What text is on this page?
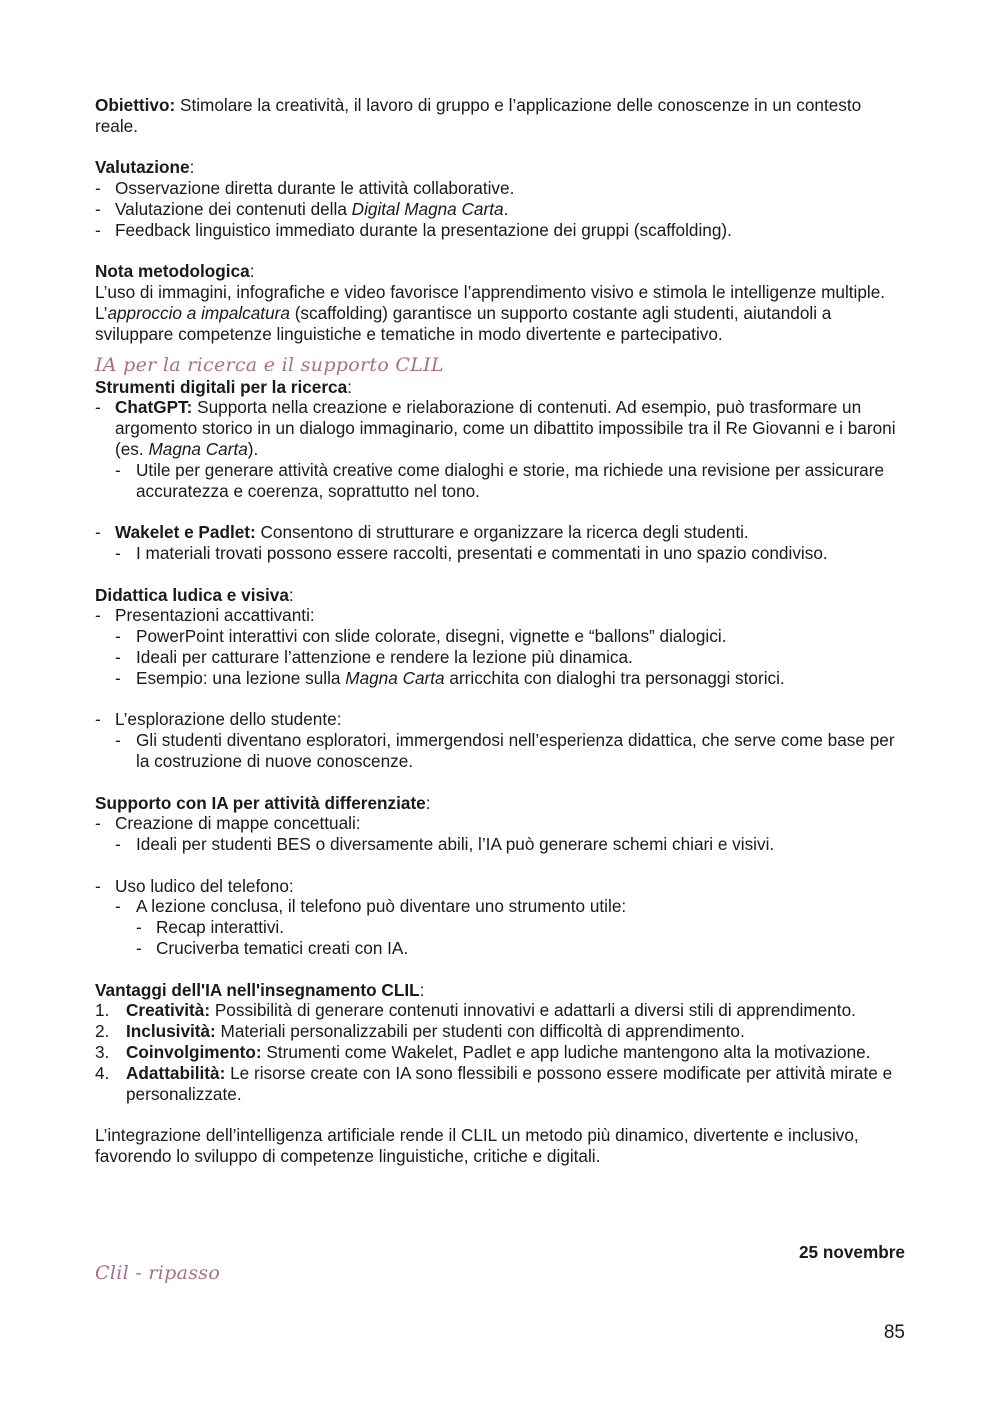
Obiettivo: Stimolare la creatività, il lavoro di gruppo e l’applicazione delle conoscenze in un contesto reale.

Valutazione:

- Osservazione diretta durante le attività collaborative.
- Valutazione dei contenuti della Digital Magna Carta.
- Feedback linguistico immediato durante la presentazione dei gruppi (scaffolding).

Nota metodologica:

L’uso di immagini, infografiche e video favorisce l’apprendimento visivo e stimola le intelligenze multiple. L’approccio a impalcatura (scaffolding) garantisce un supporto costante agli studenti, aiutandoli a sviluppare competenze linguistiche e tematiche in modo divertente e partecipativo.

IA per la ricerca e il supporto CLIL

Strumenti digitali per la ricerca:

- ChatGPT: Supporta nella creazione e rielaborazione di contenuti. Ad esempio, può trasformare un argomento storico in un dialogo immaginario, come un dibattito impossibile tra il Re Giovanni e i baroni (es. Magna Carta).
- Utile per generare attività creative come dialoghi e storie, ma richiede una revisione per assicurare accuratezza e coerenza, soprattutto nel tono.
- Wakelet e Padlet: Consentono di strutturare e organizzare la ricerca degli studenti.
- I materiali trovati possono essere raccolti, presentati e commentati in uno spazio condiviso.

Didattica ludica e visiva:

- Presentazioni accattivanti:
- PowerPoint interattivi con slide colorate, disegni, vignette e “ballons” dialogici.
- Ideali per catturare l’attenzione e rendere la lezione più dinamica.
- Esempio: una lezione sulla Magna Carta arricchita con dialoghi tra personaggi storici.
- L’esplorazione dello studente:
- Gli studenti diventano esploratori, immergendosi nell’esperienza didattica, che serve come base per la costruzione di nuove conoscenze.

Supporto con IA per attività differenziate:

- Creazione di mappe concettuali:
- Ideali per studenti BES o diversamente abili, l’IA può generare schemi chiari e visivi.
- Uso ludico del telefono:
- A lezione conclusa, il telefono può diventare uno strumento utile:
- Recap interattivi.
- Cruciverba tematici creati con IA.

Vantaggi dell'IA nell'insegnamento CLIL:

1. Creatività: Possibilità di generare contenuti innovativi e adattarli a diversi stili di apprendimento.
2. Inclusività: Materiali personalizzabili per studenti con difficoltà di apprendimento.
3. Coinvolgimento: Strumenti come Wakelet, Padlet e app ludiche mantengono alta la motivazione.
4. Adattabilità: Le risorse create con IA sono flessibili e possono essere modificate per attività mirate e personalizzate.

L’integrazione dell’intelligenza artificiale rende il CLIL un metodo più dinamico, divertente e inclusivo, favorendo lo sviluppo di competenze linguistiche, critiche e digitali.

25 novembre
Clil - ripasso
85
